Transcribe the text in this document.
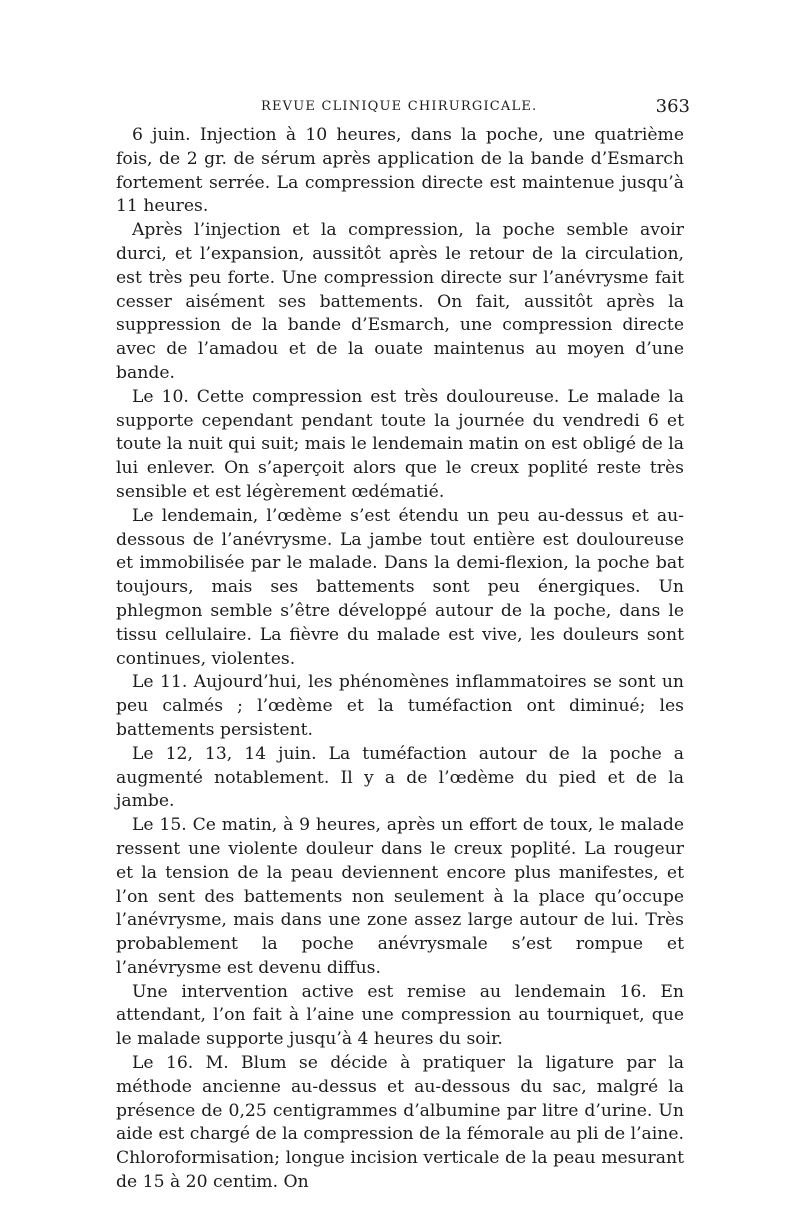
REVUE CLINIQUE CHIRURGICALE.	363

6 juin. Injection à 10 heures, dans la poche, une quatrième fois, de 2 gr. de sérum après application de la bande d’Esmarch fortement serrée. La compression directe est maintenue jusqu’à 11 heures.

Après l’injection et la compression, la poche semble avoir durci, et l’expansion, aussitôt après le retour de la circulation, est très peu forte. Une compression directe sur l’anévrysme fait cesser aisément ses battements. On fait, aussitôt après la suppression de la bande d’Esmarch, une compression directe avec de l’amadou et de la ouate maintenus au moyen d’une bande.

Le 10. Cette compression est très douloureuse. Le malade la supporte cependant pendant toute la journée du vendredi 6 et toute la nuit qui suit; mais le lendemain matin on est obligé de la lui enlever. On s’aperçoit alors que le creux poplité reste très sensible et est légèrement œdématié.

Le lendemain, l’œdème s’est étendu un peu au-dessus et au-dessous de l’anévrysme. La jambe tout entière est douloureuse et immobilisée par le malade. Dans la demi-flexion, la poche bat toujours, mais ses battements sont peu énergiques. Un phlegmon semble s’être développé autour de la poche, dans le tissu cellulaire. La fièvre du malade est vive, les douleurs sont continues, violentes.

Le 11. Aujourd’hui, les phénomènes inflammatoires se sont un peu calmés ; l’œdème et la tuméfaction ont diminué; les battements persistent.

Le 12, 13, 14 juin. La tuméfaction autour de la poche a augmenté notablement. Il y a de l’œdème du pied et de la jambe.

Le 15. Ce matin, à 9 heures, après un effort de toux, le malade ressent une violente douleur dans le creux poplité. La rougeur et la tension de la peau deviennent encore plus manifestes, et l’on sent des battements non seulement à la place qu’occupe l’anévrysme, mais dans une zone assez large autour de lui. Très probablement la poche anévrysmale s’est rompue et l’anévrysme est devenu diffus.

Une intervention active est remise au lendemain 16. En attendant, l’on fait à l’aine une compression au tourniquet, que le malade supporte jusqu’à 4 heures du soir.

Le 16. M. Blum se décide à pratiquer la ligature par la méthode ancienne au-dessus et au-dessous du sac, malgré la présence de 0,25 centigrammes d’albumine par litre d’urine. Un aide est chargé de la compression de la fémorale au pli de l’aine. Chloroformisation; longue incision verticale de la peau mesurant de 15 à 20 centim. On
